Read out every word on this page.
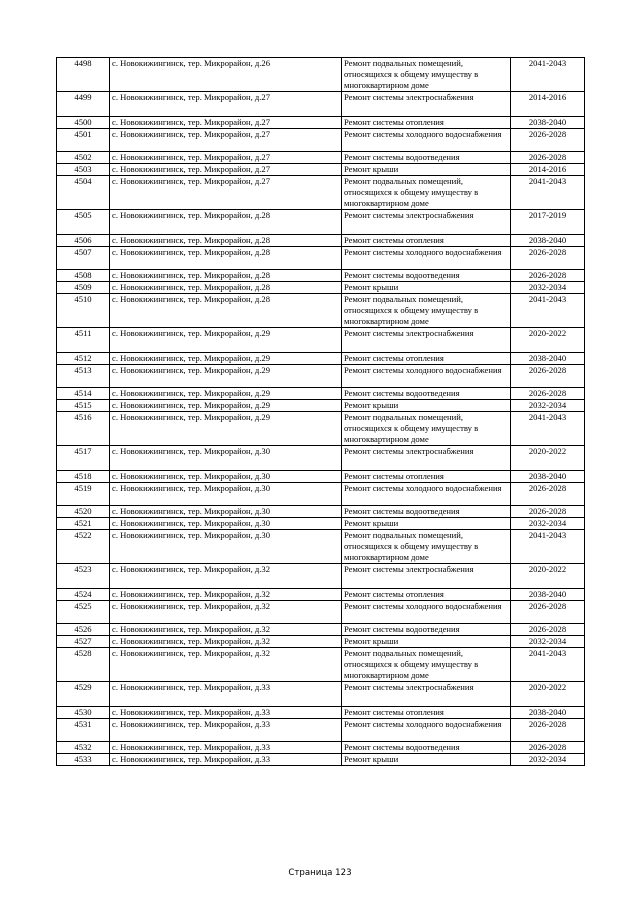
4498	с. Новокижингинск, тер. Микрорайон, д.26	Ремонт подвальных помещений, относящихся к общему имуществу в многоквартирном доме	2041-2043
4499	с. Новокижингинск, тер. Микрорайон, д.27	Ремонт системы электроснабжения	2014-2016
4500	с. Новокижингинск, тер. Микрорайон, д.27	Ремонт системы отопления	2038-2040
4501	с. Новокижингинск, тер. Микрорайон, д.27	Ремонт системы холодного водоснабжения	2026-2028
4502	с. Новокижингинск, тер. Микрорайон, д.27	Ремонт системы водоотведения	2026-2028
4503	с. Новокижингинск, тер. Микрорайон, д.27	Ремонт крыши	2014-2016
4504	с. Новокижингинск, тер. Микрорайон, д.27	Ремонт подвальных помещений, относящихся к общему имуществу в многоквартирном доме	2041-2043
4505	с. Новокижингинск, тер. Микрорайон, д.28	Ремонт системы электроснабжения	2017-2019
4506	с. Новокижингинск, тер. Микрорайон, д.28	Ремонт системы отопления	2038-2040
4507	с. Новокижингинск, тер. Микрорайон, д.28	Ремонт системы холодного водоснабжения	2026-2028
4508	с. Новокижингинск, тер. Микрорайон, д.28	Ремонт системы водоотведения	2026-2028
4509	с. Новокижингинск, тер. Микрорайон, д.28	Ремонт крыши	2032-2034
4510	с. Новокижингинск, тер. Микрорайон, д.28	Ремонт подвальных помещений, относящихся к общему имуществу в многоквартирном доме	2041-2043
4511	с. Новокижингинск, тер. Микрорайон, д.29	Ремонт системы электроснабжения	2020-2022
4512	с. Новокижингинск, тер. Микрорайон, д.29	Ремонт системы отопления	2038-2040
4513	с. Новокижингинск, тер. Микрорайон, д.29	Ремонт системы холодного водоснабжения	2026-2028
4514	с. Новокижингинск, тер. Микрорайон, д.29	Ремонт системы водоотведения	2026-2028
4515	с. Новокижингинск, тер. Микрорайон, д.29	Ремонт крыши	2032-2034
4516	с. Новокижингинск, тер. Микрорайон, д.29	Ремонт подвальных помещений, относящихся к общему имуществу в многоквартирном доме	2041-2043
4517	с. Новокижингинск, тер. Микрорайон, д.30	Ремонт системы электроснабжения	2020-2022
4518	с. Новокижингинск, тер. Микрорайон, д.30	Ремонт системы отопления	2038-2040
4519	с. Новокижингинск, тер. Микрорайон, д.30	Ремонт системы холодного водоснабжения	2026-2028
4520	с. Новокижингинск, тер. Микрорайон, д.30	Ремонт системы водоотведения	2026-2028
4521	с. Новокижингинск, тер. Микрорайон, д.30	Ремонт крыши	2032-2034
4522	с. Новокижингинск, тер. Микрорайон, д.30	Ремонт подвальных помещений, относящихся к общему имуществу в многоквартирном доме	2041-2043
4523	с. Новокижингинск, тер. Микрорайон, д.32	Ремонт системы электроснабжения	2020-2022
4524	с. Новокижингинск, тер. Микрорайон, д.32	Ремонт системы отопления	2038-2040
4525	с. Новокижингинск, тер. Микрорайон, д.32	Ремонт системы холодного водоснабжения	2026-2028
4526	с. Новокижингинск, тер. Микрорайон, д.32	Ремонт системы водоотведения	2026-2028
4527	с. Новокижингинск, тер. Микрорайон, д.32	Ремонт крыши	2032-2034
4528	с. Новокижингинск, тер. Микрорайон, д.32	Ремонт подвальных помещений, относящихся к общему имуществу в многоквартирном доме	2041-2043
4529	с. Новокижингинск, тер. Микрорайон, д.33	Ремонт системы электроснабжения	2020-2022
4530	с. Новокижингинск, тер. Микрорайон, д.33	Ремонт системы отопления	2038-2040
4531	с. Новокижингинск, тер. Микрорайон, д.33	Ремонт системы холодного водоснабжения	2026-2028
4532	с. Новокижингинск, тер. Микрорайон, д.33	Ремонт системы водоотведения	2026-2028
4533	с. Новокижингинск, тер. Микрорайон, д.33	Ремонт крыши	2032-2034
Страница 123
